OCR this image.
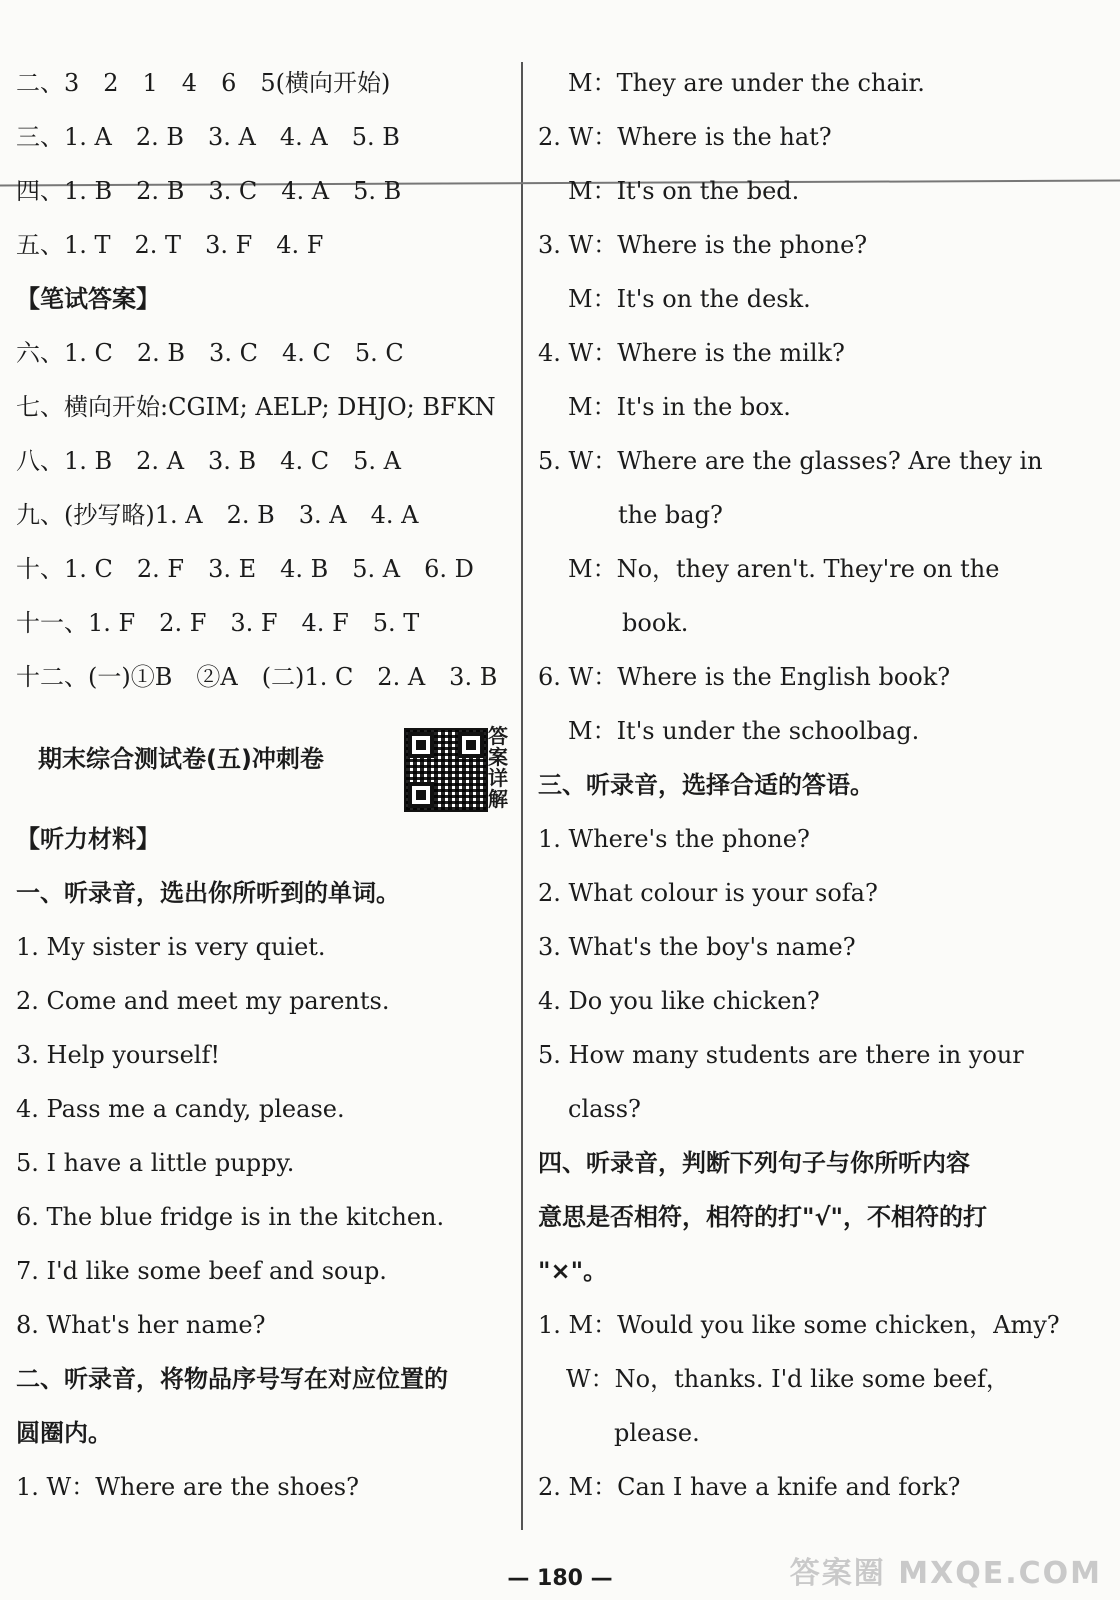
二、3　2　1　4　6　5(横向开始)
三、1. A　2. B　3. A　4. A　5. B
四、1. B　2. B　3. C　4. A　5. B
五、1. T　2. T　3. F　4. F
【笔试答案】
六、1. C　2. B　3. C　4. C　5. C
七、横向开始:CGIM; AELP; DHJO; BFKN
八、1. B　2. A　3. B　4. C　5. A
九、(抄写略)1. A　2. B　3. A　4. A
十、1. C　2. F　3. E　4. B　5. A　6. D
十一、1. F　2. F　3. F　4. F　5. T
十二、(一)①B　②A　(二)1. C　2. A　3. B
期末综合测试卷(五)冲刺卷
【听力材料】
一、听录音，选出你所听到的单词。
1. My sister is very quiet.
2. Come and meet my parents.
3. Help yourself!
4. Pass me a candy, please.
5. I have a little puppy.
6. The blue fridge is in the kitchen.
7. I'd like some beef and soup.
8. What's her name?
二、听录音，将物品序号写在对应位置的
圆圈内。
1. W：Where are the shoes?
答案详解
M：They are under the chair.
2. W：Where is the hat?
M：It's on the bed.
3. W：Where is the phone?
M：It's on the desk.
4. W：Where is the milk?
M：It's in the box.
5. W：Where are the glasses? Are they in
the bag?
M：No，they aren't. They're on the
book.
6. W：Where is the English book?
M：It's under the schoolbag.
三、听录音，选择合适的答语。
1. Where's the phone?
2. What colour is your sofa?
3. What's the boy's name?
4. Do you like chicken?
5. How many students are there in your
class?
四、听录音，判断下列句子与你所听内容
意思是否相符，相符的打"√"，不相符的打
"×"。
1. M：Would you like some chicken，Amy?
W：No，thanks. I'd like some beef，
please.
2. M：Can I have a knife and fork?
— 180 —	答案圈 MXQE.COM
